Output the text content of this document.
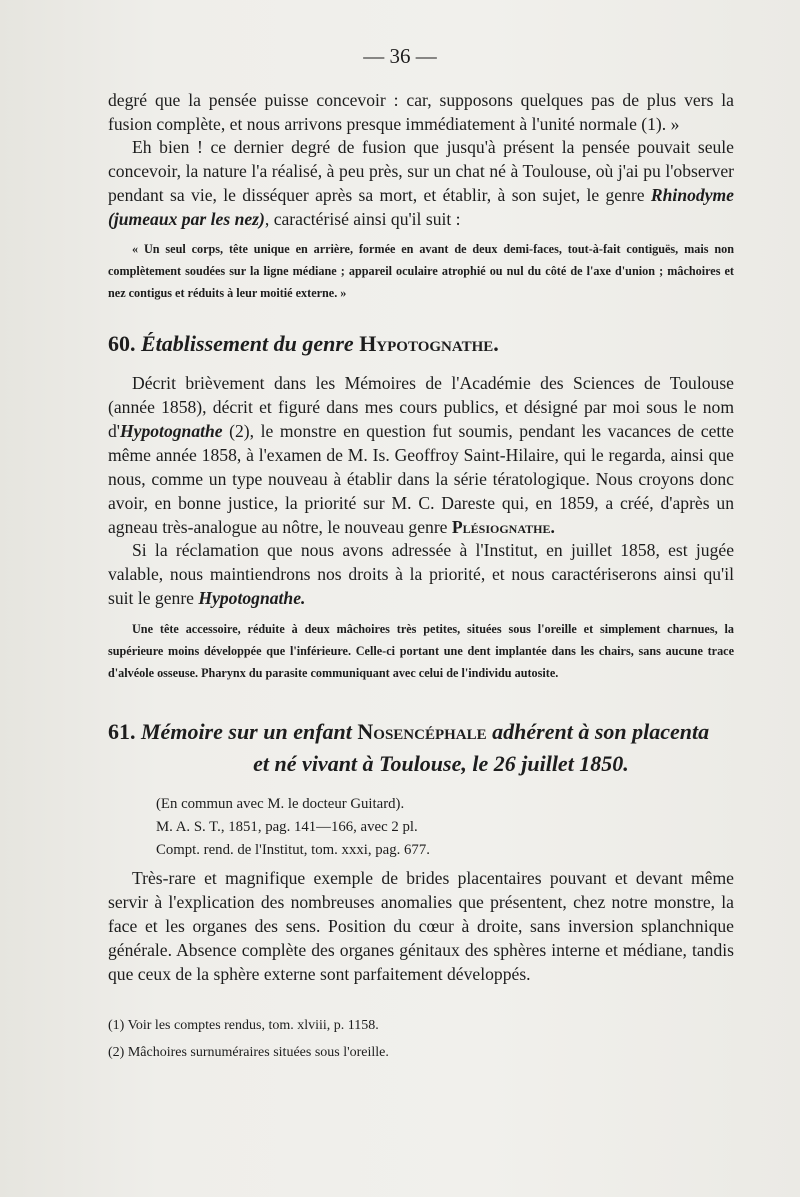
— 36 —

degré que la pensée puisse concevoir : car, supposons quelques pas de plus vers la

fusion complète, et nous arrivons presque immédiatement à l'unité normale (1). »

Eh bien ! ce dernier degré de fusion que jusqu'à présent la pensée pouvait seule concevoir, la nature l'a réalisé, à peu près, sur un chat né à Toulouse, où j'ai pu l'observer pendant sa vie, le disséquer après sa mort, et établir, à son sujet, le genre Rhinodyme (jumeaux par les nez), caractérisé ainsi qu'il suit :

« Un seul corps, tête unique en arrière, formée en avant de deux demi-faces, tout-à-fait contiguës, mais non complètement soudées sur la ligne médiane ; appareil oculaire atrophié ou nul du côté de l'axe d'union ; mâchoires et nez contigus et réduits à leur moitié externe. »

60. Établissement du genre Hypotognathe.

Décrit brièvement dans les Mémoires de l'Académie des Sciences de Toulouse (année 1858), décrit et figuré dans mes cours publics, et désigné par moi sous le nom d'Hypotognathe (2), le monstre en question fut soumis, pendant les vacances de cette même année 1858, à l'examen de M. Is. Geoffroy Saint-Hilaire, qui le regarda, ainsi que nous, comme un type nouveau à établir dans la série tératologique. Nous croyons donc avoir, en bonne justice, la priorité sur M. C. Dareste qui, en 1859, a créé, d'après un agneau très-analogue au nôtre, le nouveau genre Plésiognathe.

Si la réclamation que nous avons adressée à l'Institut, en juillet 1858, est jugée valable, nous maintiendrons nos droits à la priorité, et nous caractériserons ainsi qu'il suit le genre Hypotognathe.

Une tête accessoire, réduite à deux mâchoires très petites, situées sous l'oreille et simplement charnues, la supérieure moins développée que l'inférieure. Celle-ci portant une dent implantée dans les chairs, sans aucune trace d'alvéole osseuse. Pharynx du parasite communiquant avec celui de l'individu autosite.

61. Mémoire sur un enfant Nosencéphale adhérent à son placenta
et né vivant à Toulouse, le 26 juillet 1850.

(En commun avec M. le docteur Guitard).

M. A. S. T., 1851, pag. 141—166, avec 2 pl.

Compt. rend. de l'Institut, tom. xxxi, pag. 677.

Très-rare et magnifique exemple de brides placentaires pouvant et devant même servir à l'explication des nombreuses anomalies que présentent, chez notre monstre, la face et les organes des sens. Position du cœur à droite, sans inversion splanchnique générale. Absence complète des organes génitaux des sphères interne et médiane, tandis que ceux de la sphère externe sont parfaitement développés.

(1) Voir les comptes rendus, tom. xlviii, p. 1158.

(2) Mâchoires surnuméraires situées sous l'oreille.
